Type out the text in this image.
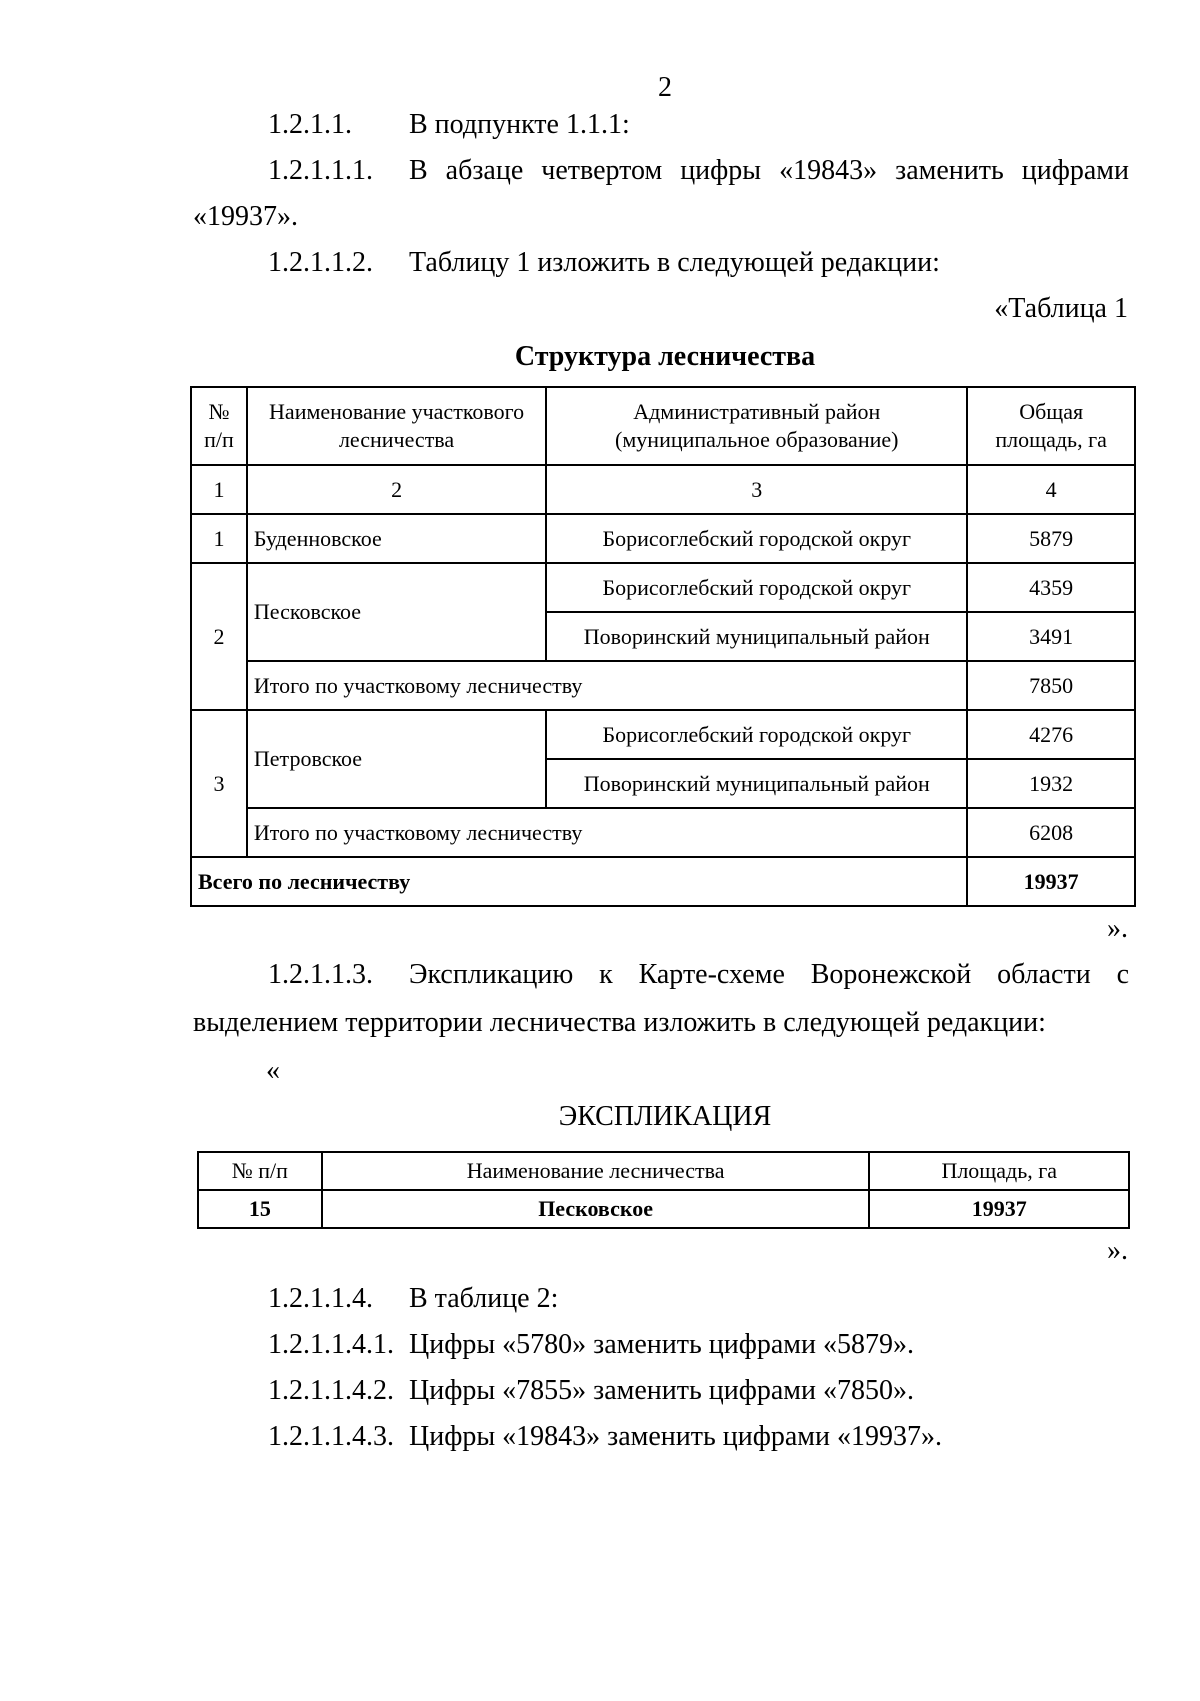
2
1.2.1.1. В подпункте 1.1.1:
1.2.1.1.1. В абзаце четвертом цифры «19843» заменить цифрами
«19937».
1.2.1.1.2. Таблицу 1 изложить в следующей редакции:
«Таблица 1
Структура лесничества
№ п/п	Наименование участкового лесничества	Административный район (муниципальное образование)	Общая площадь, га
1	2	3	4
1	Буденновское	Борисоглебский городской округ	5879
2	Песковское	Борисоглебский городской округ	4359
		Поворинский муниципальный район	3491
	Итого по участковому лесничеству		7850
3	Петровское	Борисоглебский городской округ	4276
		Поворинский муниципальный район	1932
	Итого по участковому лесничеству		6208
Всего по лесничеству			19937
».
1.2.1.1.3. Экспликацию к Карте-схеме Воронежской области с
выделением территории лесничества изложить в следующей редакции:
«
ЭКСПЛИКАЦИЯ
№ п/п	Наименование лесничества	Площадь, га
15	Песковское	19937
».
1.2.1.1.4. В таблице 2:
1.2.1.1.4.1. Цифры «5780» заменить цифрами «5879».
1.2.1.1.4.2. Цифры «7855» заменить цифрами «7850».
1.2.1.1.4.3. Цифры «19843» заменить цифрами «19937».
